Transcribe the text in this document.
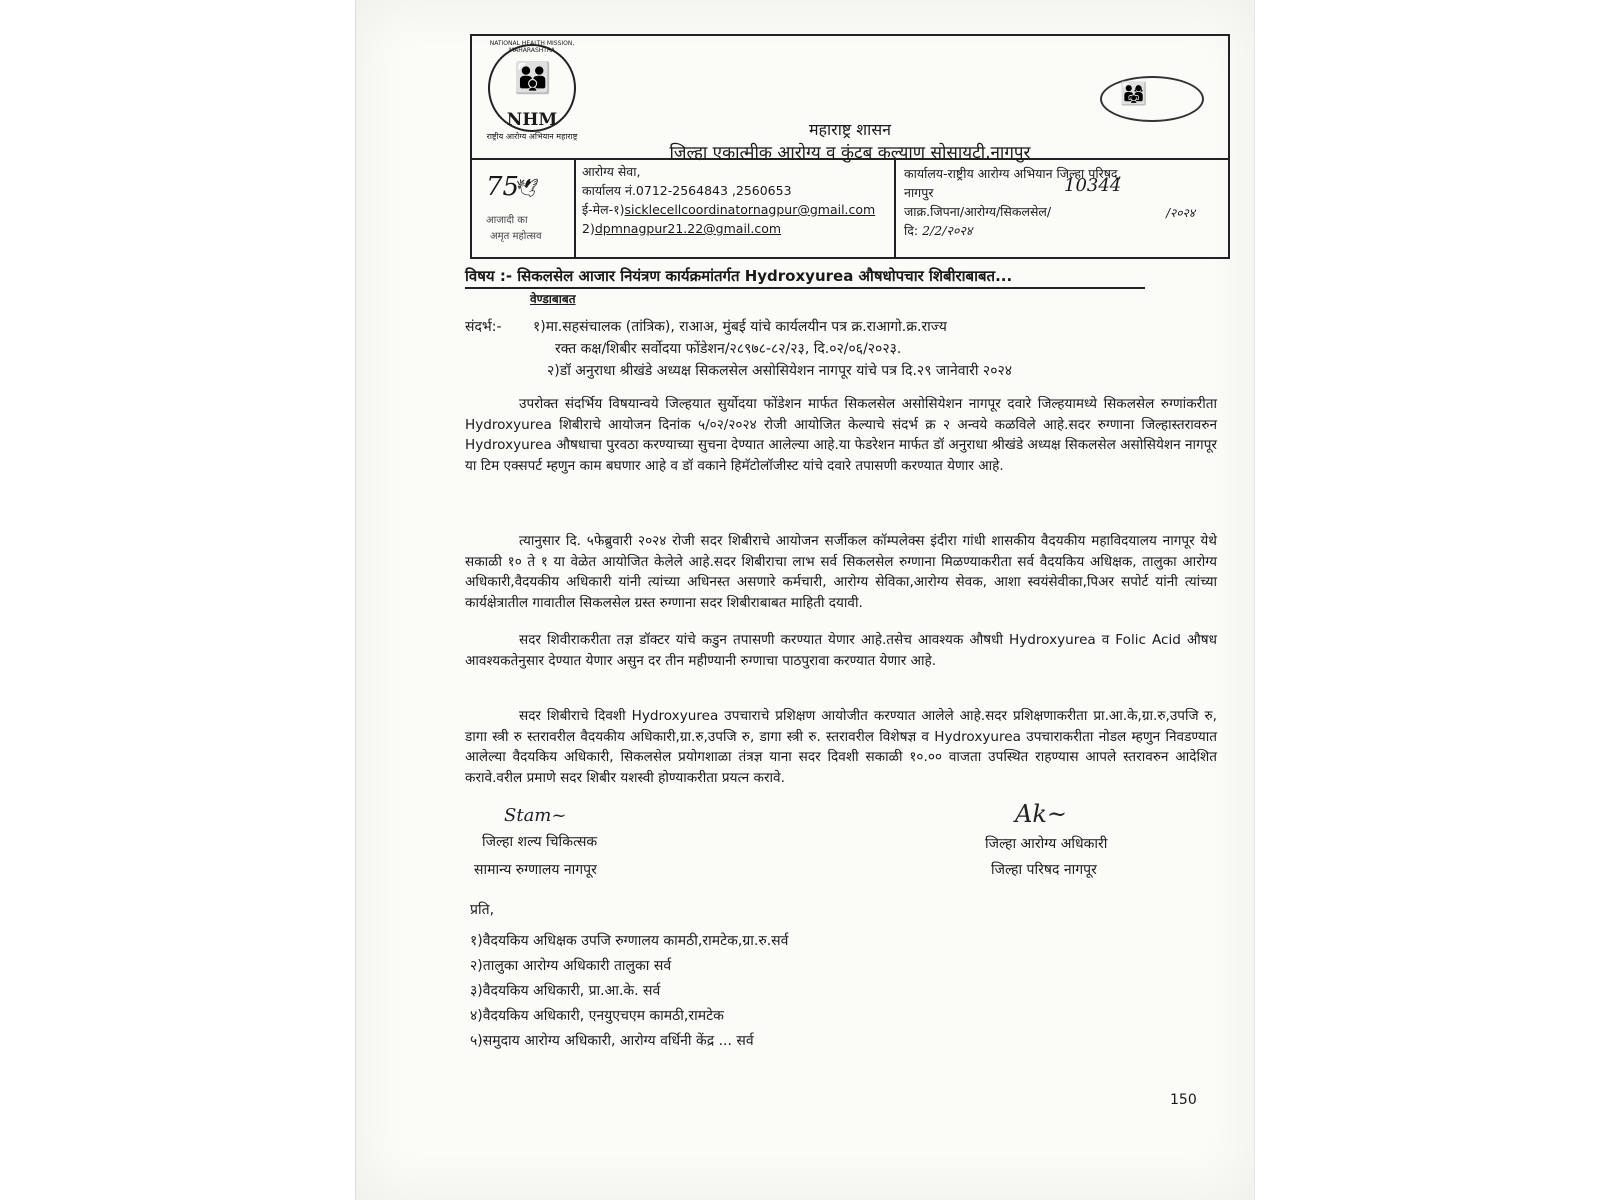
NATIONAL HEALTH MISSION, MAHARASHTRA
👪
NHM
राष्ट्रीय आरोग्य अभियान महाराष्ट्र
👨‍👩‍👧
महाराष्ट्र शासन
जिल्हा एकात्मीक आरोग्य व कुंटब कल्याण सोसायटी,नागपुर
75
🕊
आजादी का
अमृत महोत्सव
आरोग्य सेवा,
कार्यालय नं.0712-2564843 ,2560653
ई-मेल-१)sicklecellcoordinatornagpur@gmail.com
2)dpmnagpur21.22@gmail.com
कार्यालय-राष्ट्रीय आरोग्य अभियान जिल्हा परिषद,
नागपुर	10344
जाक्र.जिपना/आरोग्य/सिकलसेल/	/२०२४
दि: 2/2/२०२४
विषय :- सिकलसेल आजार नियंत्रण कार्यक्रमांतर्गत Hydroxyurea औषधोपचार शिबीराबाबत...
वेण्डाबाबत
संदर्भ:- १)मा.सहसंचालक (तांत्रिक), राआअ, मुंबई यांचे कार्यलयीन पत्र क्र.राआगो.क्र.राज्य
रक्त कक्ष/शिबीर सर्वोदया फोंडेशन/२८९७८-८२/२३, दि.०२/०६/२०२३.
२)डॉ अनुराधा श्रीखंडे अध्यक्ष सिकलसेल असोसियेशन नागपूर यांचे पत्र दि.२९ जानेवारी २०२४
उपरोक्त संदर्भिय विषयान्वये जिल्हयात सुर्योदया फोंडेशन मार्फत सिकलसेल असोसियेशन नागपूर दवारे जिल्हयामध्ये सिकलसेल रुग्णांकरीता Hydroxyurea शिबीराचे आयोजन दिनांक ५/०२/२०२४ रोजी आयोजित केल्याचे संदर्भ क्र २ अन्वये कळविले आहे.सदर रुग्णाना जिल्हास्तरावरुन Hydroxyurea औषधाचा पुरवठा करण्याच्या सुचना देण्यात आलेल्या आहे.या फेडरेशन मार्फत डॉ अनुराधा श्रीखंडे अध्यक्ष सिकलसेल असोसियेशन नागपूर या टिम एक्सपर्ट म्हणुन काम बघणार आहे व डॉ वकाने हिमॅटोलॉजीस्ट यांचे दवारे तपासणी करण्यात येणार आहे.
त्यानुसार दि. ५फेब्रुवारी २०२४ रोजी सदर शिबीराचे आयोजन सर्जीकल कॉम्पलेक्स इंदीरा गांधी शासकीय वैदयकीय महाविदयालय नागपूर येथे सकाळी १० ते १ या वेळेत आयोजित केलेले आहे.सदर शिबीराचा लाभ सर्व सिकलसेल रुग्णाना मिळण्याकरीता सर्व वैदयकिय अधिक्षक, तालुका आरोग्य अधिकारी,वैदयकीय अधिकारी यांनी त्यांच्या अधिनस्त असणारे कर्मचारी, आरोग्य सेविका,आरोग्य सेवक, आशा स्वयंसेवीका,पिअर सपोर्ट यांनी त्यांच्या कार्यक्षेत्रातील गावातील सिकलसेल ग्रस्त रुग्णाना सदर शिबीराबाबत माहिती दयावी.
सदर शिवीराकरीता तज्ञ डॉक्टर यांचे कडुन तपासणी करण्यात येणार आहे.तसेच आवश्यक औषधी Hydroxyurea व Folic Acid औषध आवश्यकतेनुसार देण्यात येणार असुन दर तीन महीण्यानी रुग्णाचा पाठपुरावा करण्यात येणार आहे.
सदर शिबीराचे दिवशी Hydroxyurea उपचाराचे प्रशिक्षण आयोजीत करण्यात आलेले आहे.सदर प्रशिक्षणाकरीता प्रा.आ.के,ग्रा.रु,उपजि रु, डागा स्त्री रु स्तरावरील वैदयकीय अधिकारी,ग्रा.रु,उपजि रु, डागा स्त्री रु. स्तरावरील विशेषज्ञ व Hydroxyurea उपचाराकरीता नोडल म्हणुन निवडण्यात आलेल्या वैदयकिय अधिकारी, सिकलसेल प्रयोगशाळा तंत्रज्ञ याना सदर दिवशी सकाळी १०.०० वाजता उपस्थित राहण्यास आपले स्तरावरुन आदेशित करावे.वरील प्रमाणे सदर शिबीर यशस्वी होण्याकरीता प्रयत्न करावे.
Stam~
जिल्हा शल्य चिकित्सक
सामान्य रुग्णालय नागपूर
Ak~
जिल्हा आरोग्य अधिकारी
जिल्हा परिषद नागपूर
प्रति,
१)वैदयकिय अधिक्षक उपजि रुग्णालय कामठी,रामटेक,ग्रा.रु.सर्व
२)तालुका आरोग्य अधिकारी तालुका सर्व
३)वैदयकिय अधिकारी, प्रा.आ.के. सर्व
४)वैदयकिय अधिकारी, एनयुएचएम कामठी,रामटेक
५)समुदाय आरोग्य अधिकारी, आरोग्य वर्धिनी केंद्र ... सर्व
150
